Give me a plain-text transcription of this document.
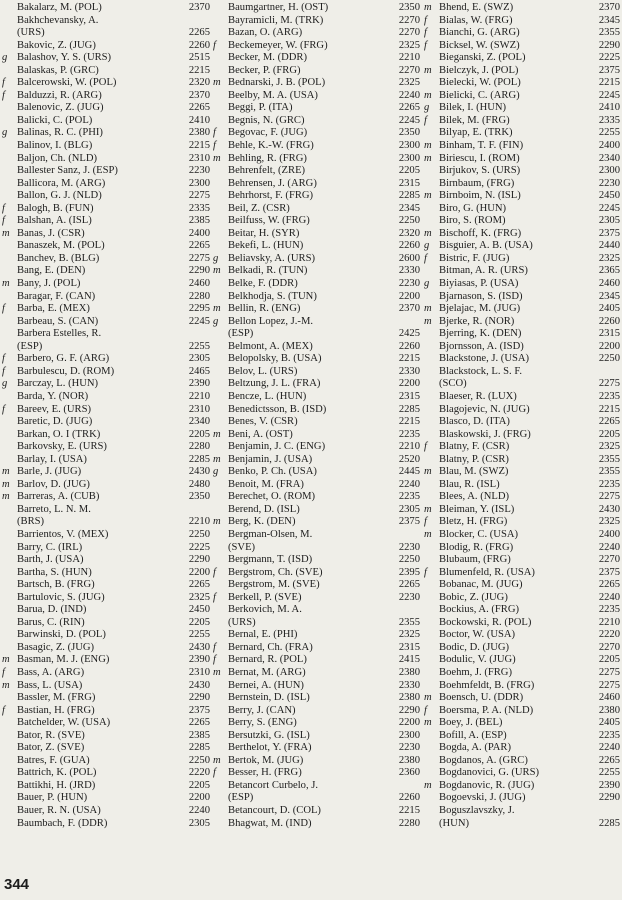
Bakalarz, M. (POL)	2370
Bakhchevansky, A.
(URS)	2265
Bakovic, Z. (JUG)	2260
g Balashov, Y. S. (URS)	2515
Balaskas, P. (GRC)	2215
f	Balcerowski, W. (POL)	2320
f	Balduzzi, R. (ARG)	2370
Balenovic, Z. (JUG)	2265
Balicki, C. (POL)	2410
g Balinas, R. C. (PHI)	2380
Balinov, I. (BLG)	2215
Baljon, Ch. (NLD)	2310
Ballester Sanz, J. (ESP)	2230
Ballicora, M. (ARG)	2300
Ballon, G. J. (NLD)	2275
f	Balogh, B. (FUN)	2335
f	Balshan, A. (ISL)	2385
m Banas, J. (CSR)	2400
Banaszek, M. (POL)	2265
Banchev, B. (BLG)	2275
Bang, E. (DEN)	2290
m Bany, J. (POL)	2460
Baragar, F. (CAN)	2280
f	Barba, E. (MEX)	2295
Barbeau, S. (CAN)	2245
Barbera Estelles, R.
(ESP)	2255
f	Barbero, G. F. (ARG)	2305
f	Barbulescu, D. (ROM)	2465
g Barczay, L. (HUN)	2390
Barda, Y. (NOR)	2210
f	Bareev, E. (URS)	2310
Baretic, D. (JUG)	2340
Barkan, O. I (TRK)	2205
Barkovsky, E. (URS)	2280
Barlay, I. (USA)	2285
m Barle, J. (JUG)	2430
m Barlov, D. (JUG)	2480
m Barreras, A. (CUB)	2350
Barreto, L. N. M.
(BRS)	2210
Barrientos, V. (MEX)	2250
Barry, C. (IRL)	2225
Barth, J. (USA)	2290
Bartha, S. (HUN)	2200
Bartsch, B. (FRG)	2265
Bartulovic, S. (JUG)	2325
Barua, D. (IND)	2450
Barus, C. (RIN)	2205
Barwinski, D. (POL)	2255
Basagic, Z. (JUG)	2430
m Basman, M. J. (ENG)	2390
f	Bass, A. (ARG)	2310
m Bass, L. (USA)	2430
Bassler, M. (FRG)	2290
f	Bastian, H. (FRG)	2375
Batchelder, W. (USA)	2265
Bator, R. (SVE)	2385
Bator, Z. (SVE)	2285
Batres, F. (GUA)	2250
Battrich, K. (POL)	2220
Battikhi, H. (JRD)	2205
Bauer, P. (HUN)	2200
Bauer, R. N. (USA)	2240
Baumbach, F. (DDR)	2305
Baumgartner, H. (OST)	2350
Bayramicli, M. (TRK)	2270
Bazan, O. (ARG)	2270
f	Beckemeyer, W. (FRG)	2325
Becker, M. (DDR)	2210
Becker, P. (FRG)	2270
m Bednarski, J. B. (POL)	2325
Beelby, M. A. (USA)	2240
Beggi, P. (ITA)	2265
Begnis, N. (GRC)	2245
f	Begovac, F. (JUG)	2350
f	Behle, K.-W. (FRG)	2300
m Behling, R. (FRG)	2300
Behrenfelt, (ZRE)	2205
Behrensen, J. (ARG)	2315
Behrhorst, F. (FRG)	2285
Beil, Z. (CSR)	2345
Beilfuss, W. (FRG)	2250
Beitar, H. (SYR)	2320
Bekefi, L. (HUN)	2260
g Beliavsky, A. (URS)	2600
m Belkadi, R. (TUN)	2330
Belke, F. (DDR)	2230
Belkhodja, S. (TUN)	2200
m Bellin, R. (ENG)	2370
g Bellon Lopez, J.-M.
(ESP)	2425
Belmont, A. (MEX)	2260
Belopolsky, B. (USA)	2215
Belov, L. (URS)	2330
Beltzung, J. L. (FRA)	2200
Bencze, L. (HUN)	2315
Benedictsson, B. (ISD)	2285
Benes, V. (CSR)	2215
m Beni, A. (OST)	2235
Benjamin, J. C. (ENG)	2210
m Benjamin, J. (USA)	2520
g Benko, P. Ch. (USA)	2445
Benoit, M. (FRA)	2240
Berechet, O. (ROM)	2235
Berend, D. (ISL)	2305
m Berg, K. (DEN)	2375
Bergman-Olsen, M.
(SVE)	2230
Bergmann, T. (ISD)	2250
f	Bergstrom, Ch. (SVE)	2395
Bergstrom, M. (SVE)	2265
f	Berkell, P. (SVE)	2230
Berkovich, M. A.
(URS)	2355
Bernal, E. (PHI)	2325
f	Bernard, Ch. (FRA)	2315
f	Bernard, R. (POL)	2415
m Bernat, M. (ARG)	2380
Bernei, A. (HUN)	2330
Bernstein, D. (ISL)	2380
Berry, J. (CAN)	2290
Berry, S. (ENG)	2200
Bersutzki, G. (ISL)	2300
Berthelot, Y. (FRA)	2230
m Bertok, M. (JUG)	2380
f	Besser, H. (FRG)	2360
Betancort Curbelo, J.
(ESP)	2260
Betancourt, D. (COL)	2215
Bhagwat, M. (IND)	2280
m Bhend, E. (SWZ)	2370
f	Bialas, W. (FRG)	2345
f	Bianchi, G. (ARG)	2355
f	Bicksel, W. (SWZ)	2290
Bieganski, Z. (POL)	2225
m Bielczyk, J. (POL)	2375
Bielecki, W. (POL)	2215
m Bielicki, C. (ARG)	2245
g Bilek, I. (HUN)	2410
f	Bilek, M. (FRG)	2335
Bilyap, E. (TRK)	2255
m Binham, T. F. (FIN)	2400
m Biriescu, I. (ROM)	2340
Birjukov, S. (URS)	2300
Birnbaum, (FRG)	2230
m Birnboim, N. (ISL)	2450
Biro, G. (HUN)	2245
Biro, S. (ROM)	2305
m Bischoff, K. (FRG)	2375
g Bisguier, A. B. (USA)	2440
f	Bistric, F. (JUG)	2325
Bitman, A. R. (URS)	2365
g Biyiasas, P. (USA)	2460
Bjarnason, S. (ISD)	2345
m Bjelajac, M. (JUG)	2405
m Bjerke, R. (NOR)	2260
Bjerring, K. (DEN)	2315
Bjornsson, A. (ISD)	2200
Blackstone, J. (USA)	2250
Blackstock, L. S. F.
(SCO)	2275
Blaeser, R. (LUX)	2235
Blagojevic, N. (JUG)	2215
Blasco, D. (ITA)	2265
Blaskowski, J. (FRG)	2205
f	Blatny, F. (CSR)	2325
Blatny, P. (CSR)	2355
m Blau, M. (SWZ)	2355
Blau, R. (ISL)	2235
Blees, A. (NLD)	2275
m Bleiman, Y. (ISL)	2430
f	Bletz, H. (FRG)	2325
m Blocker, C. (USA)	2400
Blodig, R. (FRG)	2240
Blubaum, (FRG)	2270
f	Blumenfeld, R. (USA)	2375
Bobanac, M. (JUG)	2265
Bobic, Z. (JUG)	2240
Bockius, A. (FRG)	2235
Bockowski, R. (POL)	2210
Boctor, W. (USA)	2220
Bodic, D. (JUG)	2270
Bodulic, V. (JUG)	2205
Boehm, J. (FRG)	2275
Boehmfeldt, B. (FRG)	2275
m Boensch, U. (DDR)	2460
f	Boersma, P. A. (NLD)	2380
m Boey, J. (BEL)	2405
Bofill, A. (ESP)	2235
Bogda, A. (PAR)	2240
Bogdanos, A. (GRC)	2265
Bogdanovici, G. (URS)	2255
m Bogdanovic, R. (JUG)	2390
Bogoevski, J. (JUG)	2290
Boguszlavszky, J.
(HUN)	2285
344
